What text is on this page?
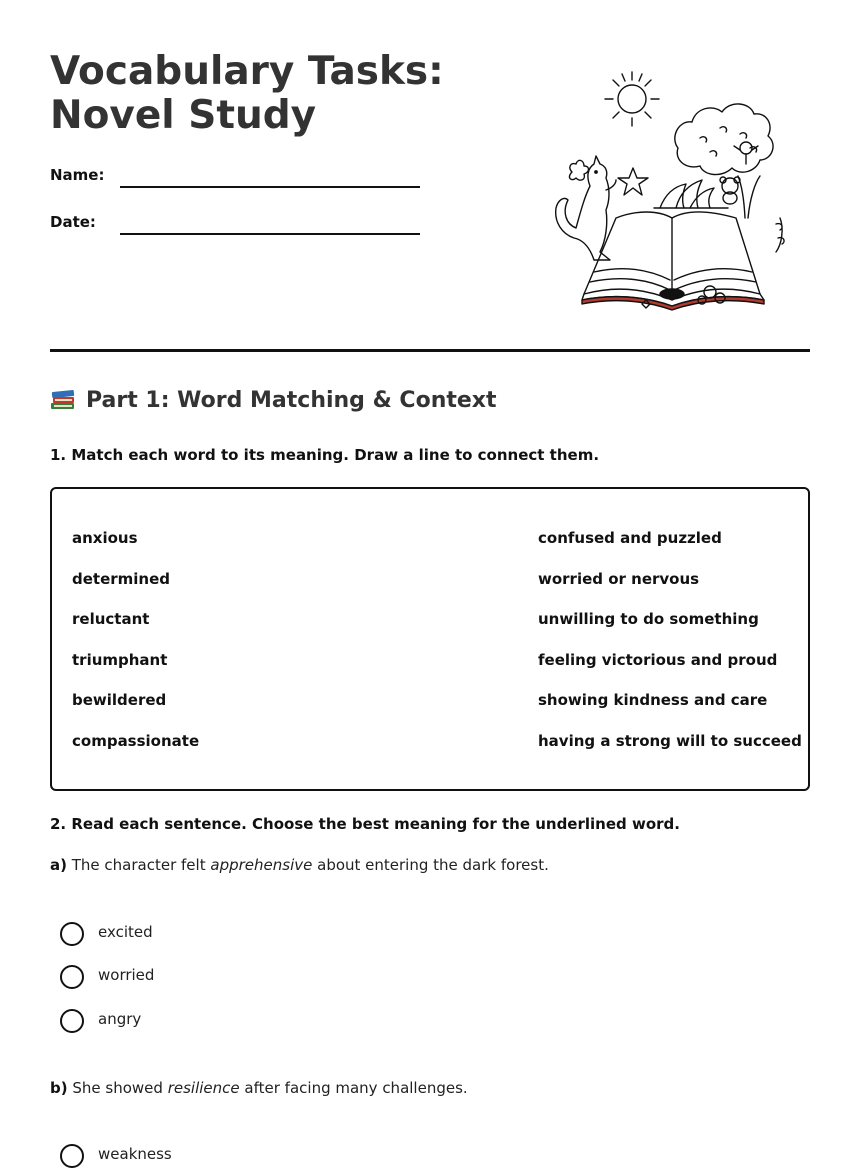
Vocabulary Tasks: Novel Study
Name:
Date:
Part 1: Word Matching & Context
1. Match each word to its meaning. Draw a line to connect them.
anxious
determined
reluctant
triumphant
bewildered
compassionate
confused and puzzled
worried or nervous
unwilling to do something
feeling victorious and proud
showing kindness and care
having a strong will to succeed
2. Read each sentence. Choose the best meaning for the underlined word.
a) The character felt apprehensive about entering the dark forest.
excited
worried
angry
b) She showed resilience after facing many challenges.
weakness
